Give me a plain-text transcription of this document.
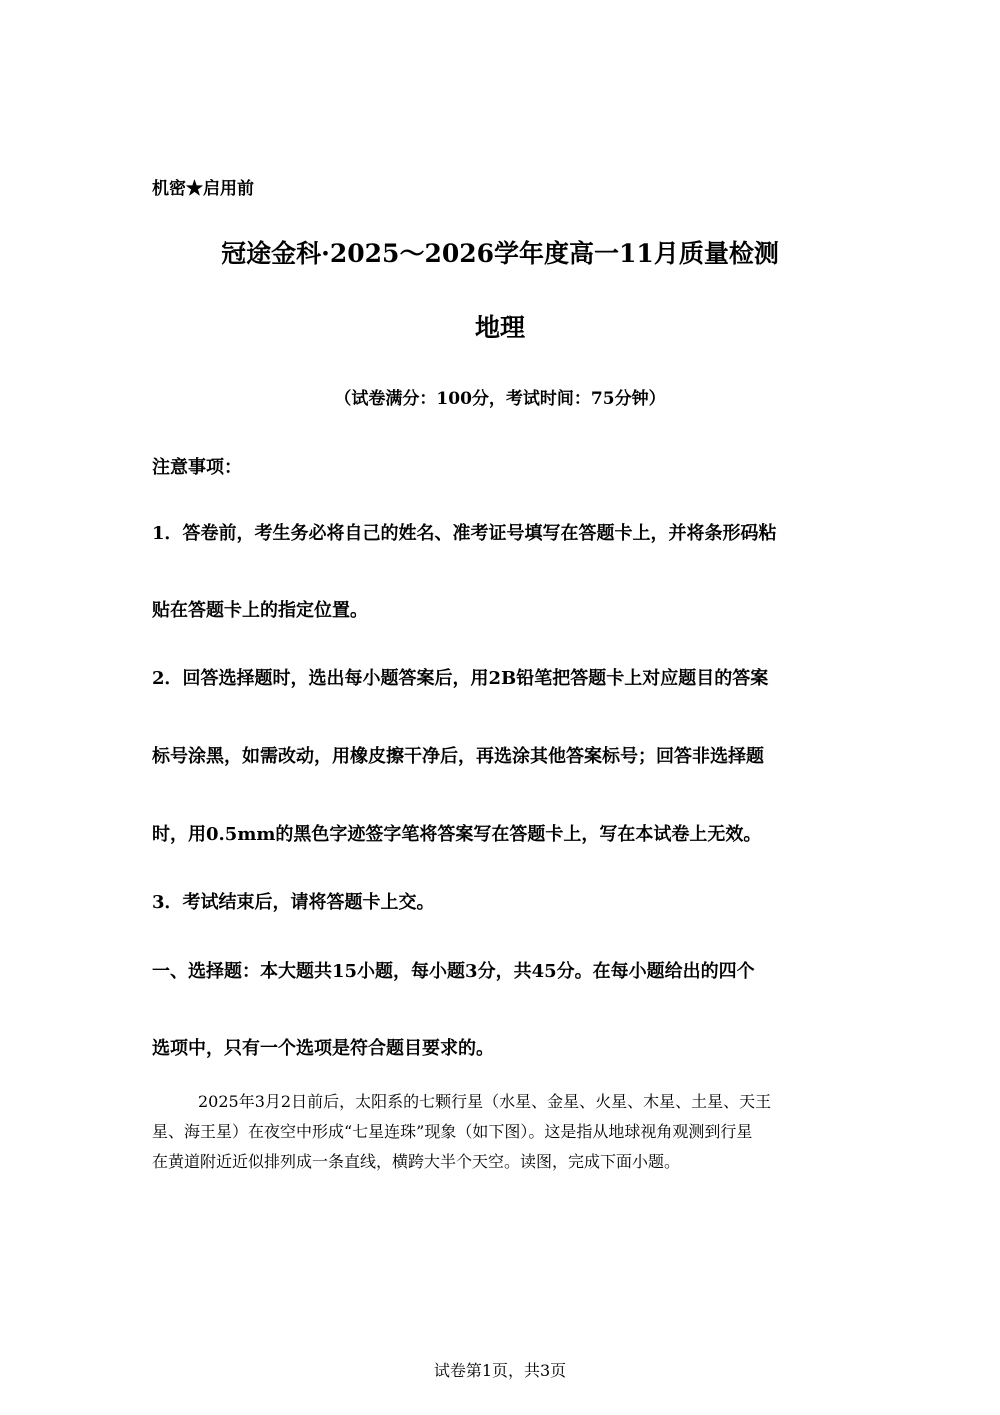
机密★启用前
冠途金科·2025～2026学年度高一11月质量检测
地理
（试卷满分：100分，考试时间：75分钟）
注意事项：
1．答卷前，考生务必将自己的姓名、准考证号填写在答题卡上，并将条形码粘
贴在答题卡上的指定位置。
2．回答选择题时，选出每小题答案后，用2B铅笔把答题卡上对应题目的答案
标号涂黑，如需改动，用橡皮擦干净后，再选涂其他答案标号；回答非选择题
时，用0.5mm的黑色字迹签字笔将答案写在答题卡上，写在本试卷上无效。
3．考试结束后，请将答题卡上交。
一、选择题：本大题共15小题，每小题3分，共45分。在每小题给出的四个
选项中，只有一个选项是符合题目要求的。
2025年3月2日前后，太阳系的七颗行星（水星、金星、火星、木星、土星、天王
星、海王星）在夜空中形成“七星连珠”现象（如下图）。这是指从地球视角观测到行星
在黄道附近近似排列成一条直线，横跨大半个天空。读图，完成下面小题。
试卷第1页，共3页
